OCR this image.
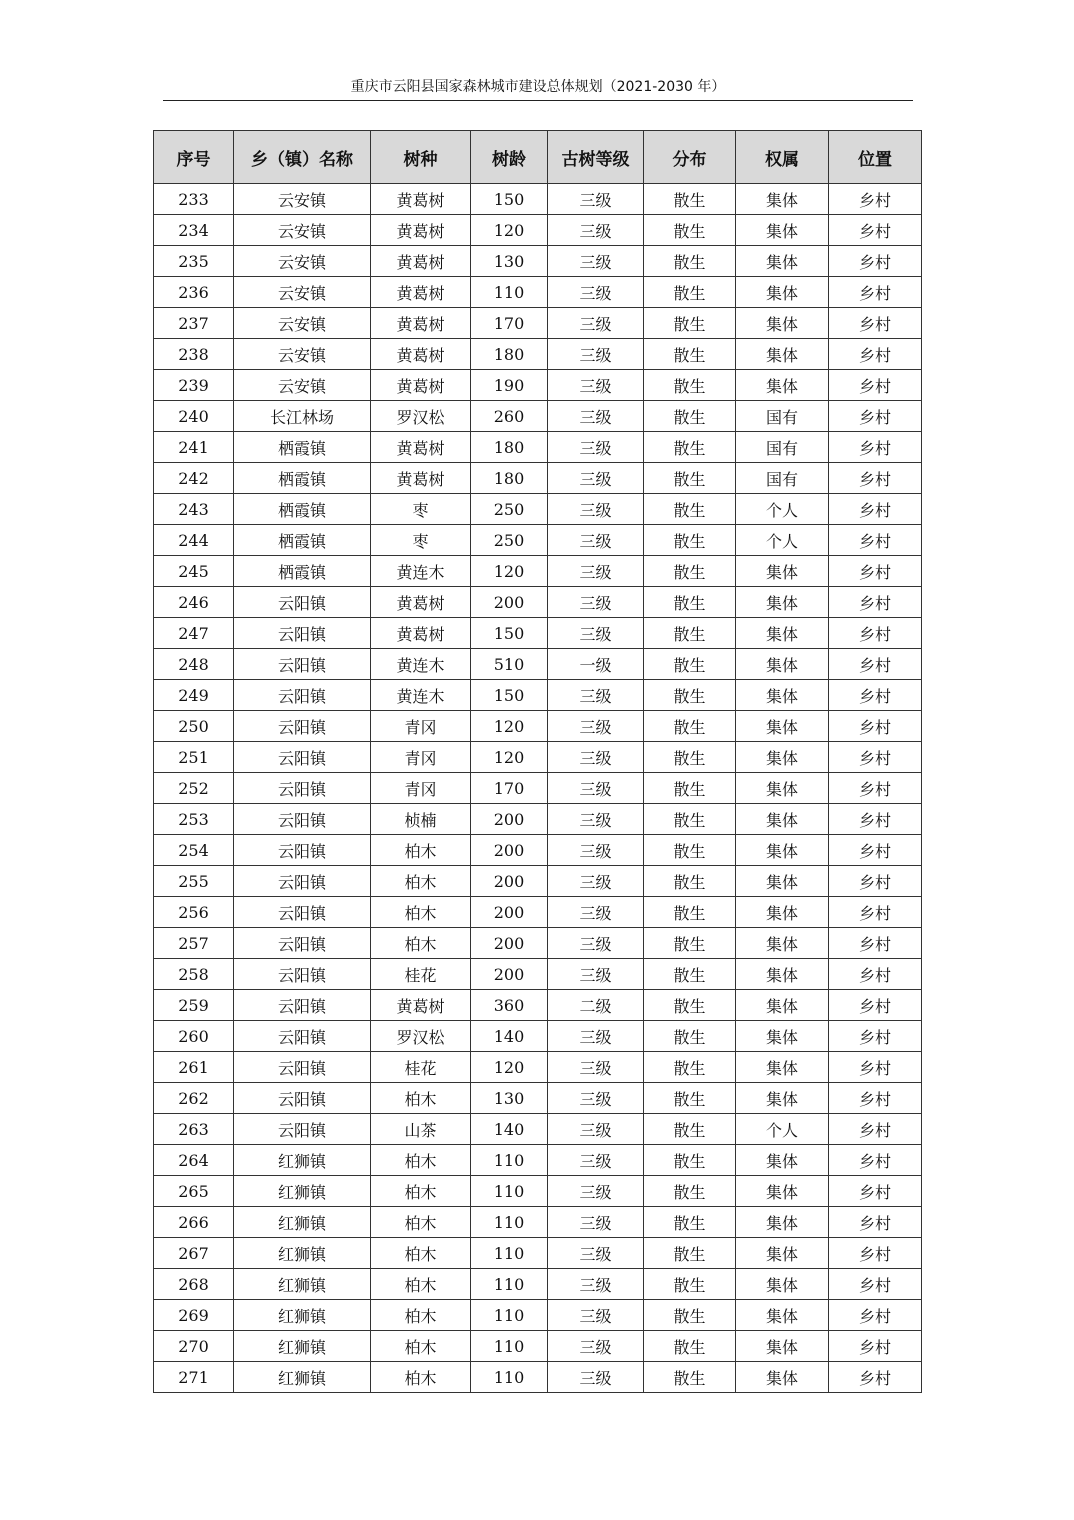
重庆市云阳县国家森林城市建设总体规划（2021-2030 年）
序号	乡（镇）名称	树种	树龄	古树等级	分布	权属	位置
233	云安镇	黄葛树	150	三级	散生	集体	乡村
234	云安镇	黄葛树	120	三级	散生	集体	乡村
235	云安镇	黄葛树	130	三级	散生	集体	乡村
236	云安镇	黄葛树	110	三级	散生	集体	乡村
237	云安镇	黄葛树	170	三级	散生	集体	乡村
238	云安镇	黄葛树	180	三级	散生	集体	乡村
239	云安镇	黄葛树	190	三级	散生	集体	乡村
240	长江林场	罗汉松	260	三级	散生	国有	乡村
241	栖霞镇	黄葛树	180	三级	散生	国有	乡村
242	栖霞镇	黄葛树	180	三级	散生	国有	乡村
243	栖霞镇	枣	250	三级	散生	个人	乡村
244	栖霞镇	枣	250	三级	散生	个人	乡村
245	栖霞镇	黄连木	120	三级	散生	集体	乡村
246	云阳镇	黄葛树	200	三级	散生	集体	乡村
247	云阳镇	黄葛树	150	三级	散生	集体	乡村
248	云阳镇	黄连木	510	一级	散生	集体	乡村
249	云阳镇	黄连木	150	三级	散生	集体	乡村
250	云阳镇	青冈	120	三级	散生	集体	乡村
251	云阳镇	青冈	120	三级	散生	集体	乡村
252	云阳镇	青冈	170	三级	散生	集体	乡村
253	云阳镇	桢楠	200	三级	散生	集体	乡村
254	云阳镇	柏木	200	三级	散生	集体	乡村
255	云阳镇	柏木	200	三级	散生	集体	乡村
256	云阳镇	柏木	200	三级	散生	集体	乡村
257	云阳镇	柏木	200	三级	散生	集体	乡村
258	云阳镇	桂花	200	三级	散生	集体	乡村
259	云阳镇	黄葛树	360	二级	散生	集体	乡村
260	云阳镇	罗汉松	140	三级	散生	集体	乡村
261	云阳镇	桂花	120	三级	散生	集体	乡村
262	云阳镇	柏木	130	三级	散生	集体	乡村
263	云阳镇	山茶	140	三级	散生	个人	乡村
264	红狮镇	柏木	110	三级	散生	集体	乡村
265	红狮镇	柏木	110	三级	散生	集体	乡村
266	红狮镇	柏木	110	三级	散生	集体	乡村
267	红狮镇	柏木	110	三级	散生	集体	乡村
268	红狮镇	柏木	110	三级	散生	集体	乡村
269	红狮镇	柏木	110	三级	散生	集体	乡村
270	红狮镇	柏木	110	三级	散生	集体	乡村
271	红狮镇	柏木	110	三级	散生	集体	乡村
